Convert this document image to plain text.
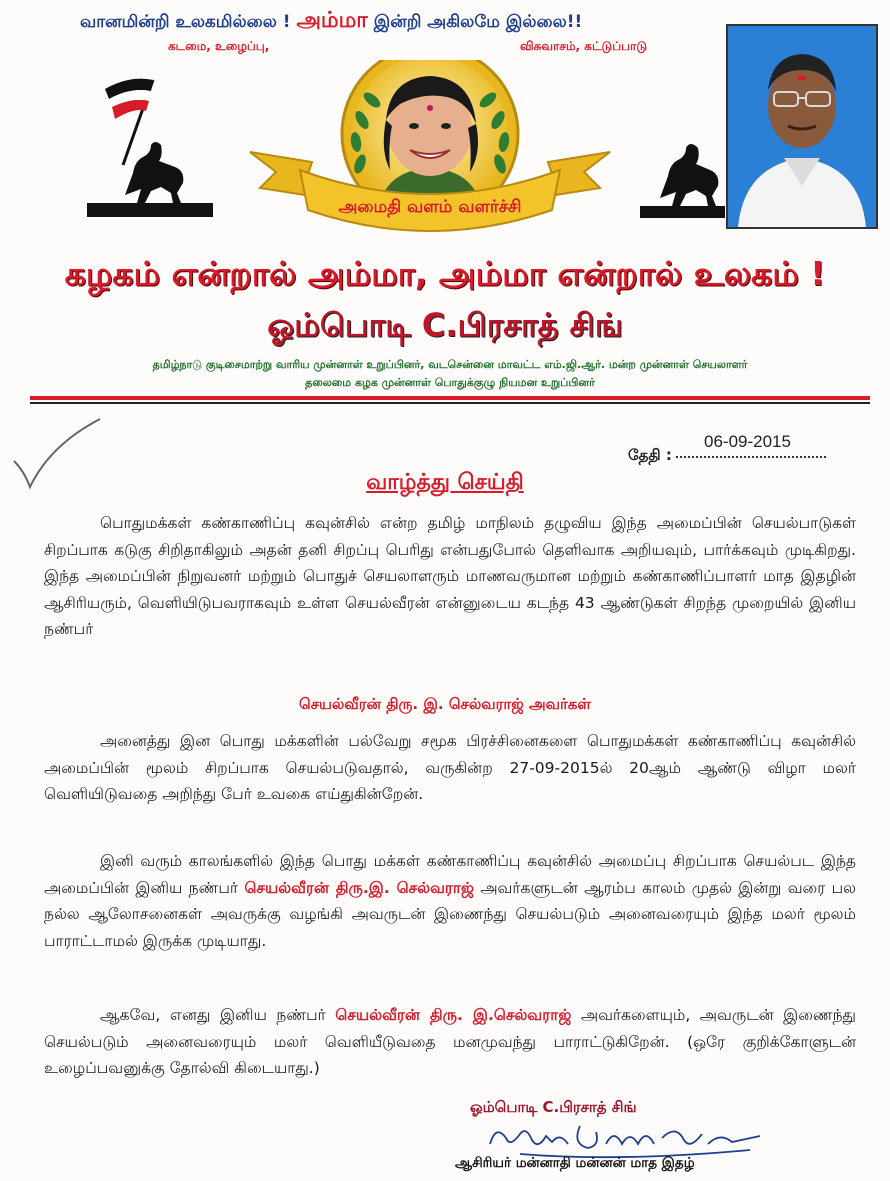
வானமின்றி உலகமில்லை ! அம்மா இன்றி அகிலமே இல்லை!!
கடமை, உழைப்பு,	விசுவாசம், கட்டுப்பாடு
அமைதி வளம் வளர்ச்சி
கழகம் என்றால் அம்மா, அம்மா என்றால் உலகம் !
ஓம்பொடி C.பிரசாத் சிங்
தமிழ்நாடு குடிசைமாற்று வாரிய முன்னாள் உறுப்பினர், வடசென்னை மாவட்ட எம்.ஜி.ஆர். மன்ற முன்னாள் செயலாளர்
தலைமை கழக முன்னாள் பொதுக்குழு நியமன உறுப்பினர்
தேதி :
06-09-2015
வாழ்த்து செய்தி

பொதுமக்கள் கண்காணிப்பு கவுன்சில் என்ற தமிழ் மாநிலம் தழுவிய இந்த அமைப்பின் செயல்பாடுகள் சிறப்பாக கடுகு சிறிதாகிலும் அதன் தனி சிறப்பு பெரிது என்பதுபோல் தெளிவாக அறியவும், பார்க்கவும் முடிகிறது. இந்த அமைப்பின் நிறுவனர் மற்றும் பொதுச் செயலாளரும் மாணவருமான மற்றும் கண்காணிப்பாளர் மாத இதழின் ஆசிரியரும், வெளியிடுபவராகவும் உள்ள செயல்வீரன் என்னுடைய கடந்த 43 ஆண்டுகள் சிறந்த முறையில் இனிய நண்பர்

செயல்வீரன் திரு. இ. செல்வராஜ் அவர்கள்

அனைத்து இன பொது மக்களின் பல்வேறு சமூக பிரச்சினைகளை பொதுமக்கள் கண்காணிப்பு கவுன்சில் அமைப்பின் மூலம் சிறப்பாக செயல்படுவதால், வருகின்ற 27-09-2015ல் 20ஆம் ஆண்டு விழா மலர் வெளியிடுவதை அறிந்து பேர் உவகை எய்துகின்றேன்.

இனி வரும் காலங்களில் இந்த பொது மக்கள் கண்காணிப்பு கவுன்சில் அமைப்பு சிறப்பாக செயல்பட இந்த அமைப்பின் இனிய நண்பர் செயல்வீரன் திரு.இ. செல்வராஜ் அவர்களுடன் ஆரம்ப காலம் முதல் இன்று வரை பல நல்ல ஆலோசனைகள் அவருக்கு வழங்கி அவருடன் இணைந்து செயல்படும் அனைவரையும் இந்த மலர் மூலம் பாராட்டாமல் இருக்க முடியாது.

ஆகவே, எனது இனிய நண்பர் செயல்வீரன் திரு. இ.செல்வராஜ் அவர்களையும், அவருடன் இணைந்து செயல்படும் அனைவரையும் மலர் வெளியீடுவதை மனமுவந்து பாராட்டுகிறேன். (ஒரே குறிக்கோளுடன் உழைப்பவனுக்கு தோல்வி கிடையாது.)

ஓம்பொடி C.பிரசாத் சிங்
ஆசிரியர் மன்னாதி மன்னன் மாத இதழ்
